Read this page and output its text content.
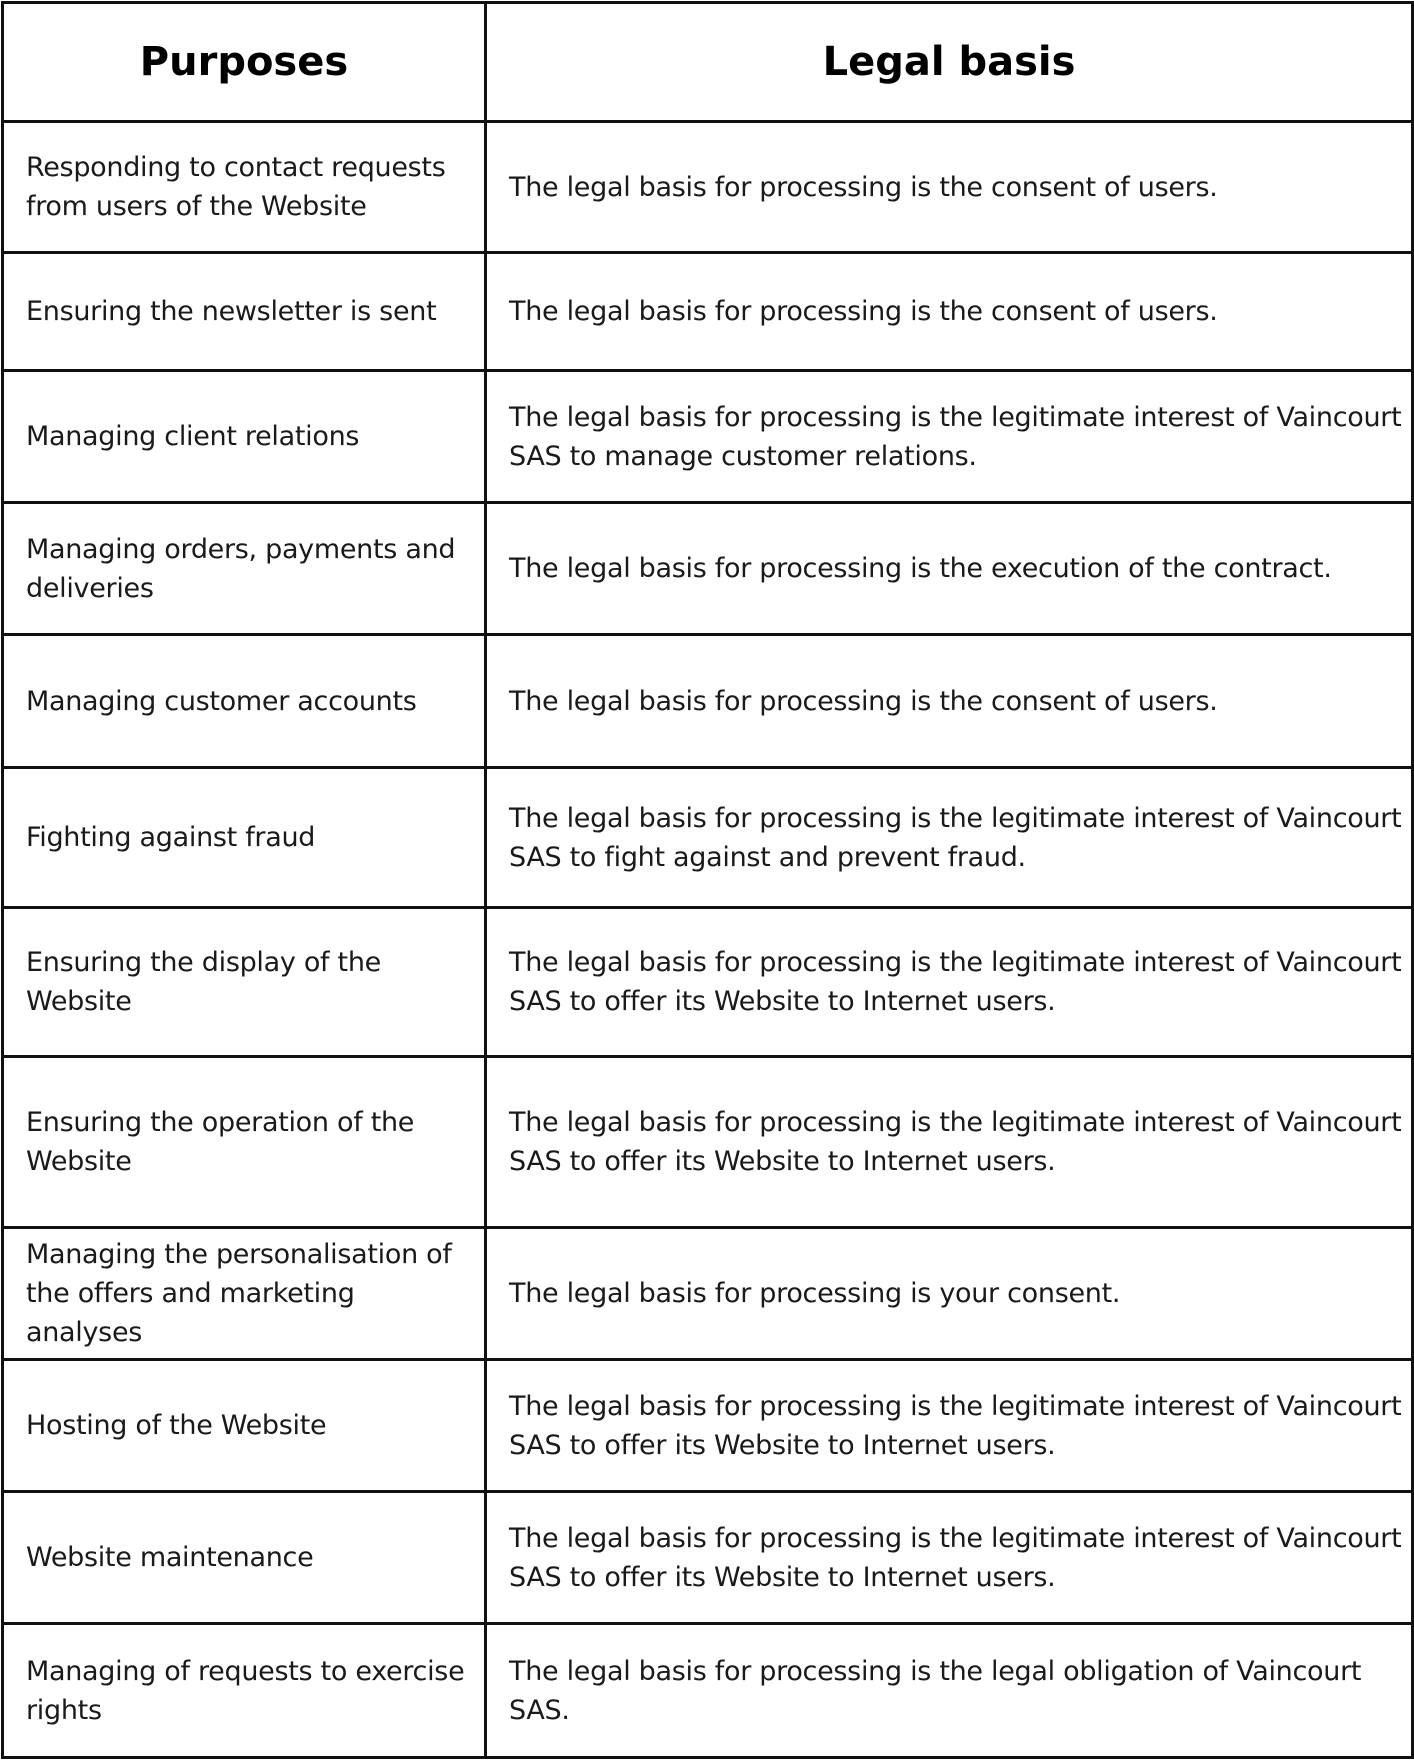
Purposes	Legal basis
Responding to contact requests from users of the Website	The legal basis for processing is the consent of users.
Ensuring the newsletter is sent	The legal basis for processing is the consent of users.
Managing client relations	The legal basis for processing is the legitimate interest of Vaincourt SAS to manage customer relations.
Managing orders, payments and deliveries	The legal basis for processing is the execution of the contract.
Managing customer accounts	The legal basis for processing is the consent of users.
Fighting against fraud	The legal basis for processing is the legitimate interest of Vaincourt SAS to fight against and prevent fraud.
Ensuring the display of the Website	The legal basis for processing is the legitimate interest of Vaincourt SAS to offer its Website to Internet users.
Ensuring the operation of the Website	The legal basis for processing is the legitimate interest of Vaincourt SAS to offer its Website to Internet users.
Managing the personalisation of the offers and marketing analyses	The legal basis for processing is your consent.
Hosting of the Website	The legal basis for processing is the legitimate interest of Vaincourt SAS to offer its Website to Internet users.
Website maintenance	The legal basis for processing is the legitimate interest of Vaincourt SAS to offer its Website to Internet users.
Managing of requests to exercise rights	The legal basis for processing is the legal obligation of Vaincourt SAS.
